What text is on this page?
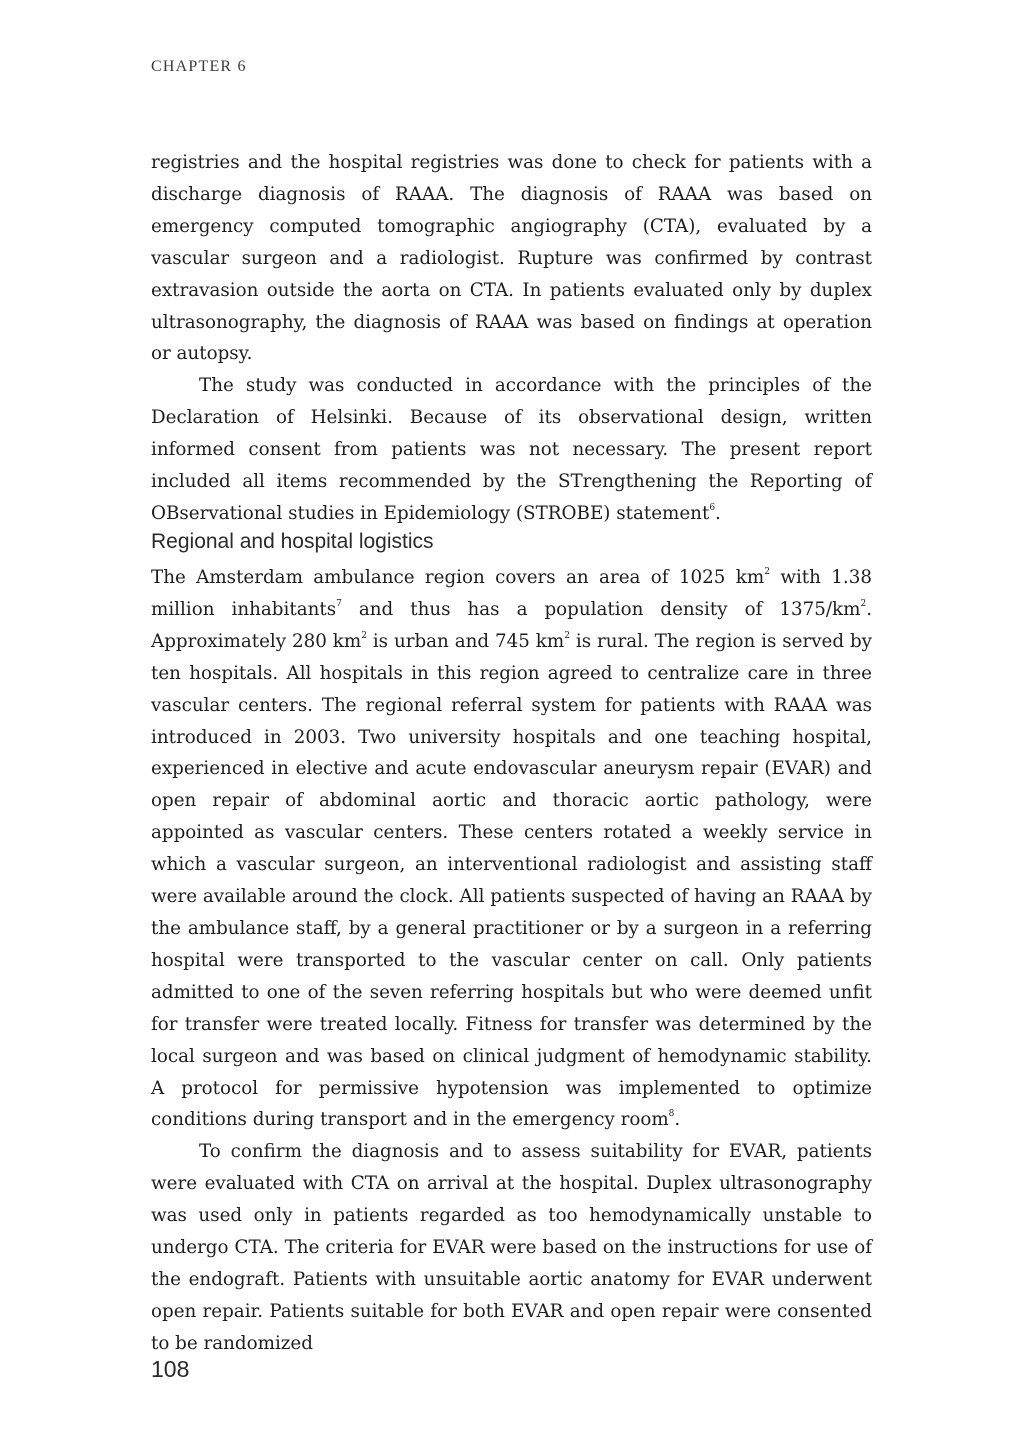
CHAPTER 6

registries and the hospital registries was done to check for patients with a discharge diagnosis of RAAA. The diagnosis of RAAA was based on emergency computed tomographic angiography (CTA), evaluated by a vascular surgeon and a radiologist. Rupture was confirmed by contrast extravasion outside the aorta on CTA. In patients evaluated only by duplex ultrasonography, the diagnosis of RAAA was based on findings at operation or autopsy.

The study was conducted in accordance with the principles of the Declaration of Helsinki. Because of its observational design, written informed consent from patients was not necessary. The present report included all items recommended by the STrengthening the Reporting of OBservational studies in Epidemiology (STROBE) statement$^6$.

Regional and hospital logistics

The Amsterdam ambulance region covers an area of 1025 $km^2$ with 1.38 million inhabitants$^7$ and thus has a population density of $1375/km^2$. Approximately 280 $km^2$ is urban and 745 $km^2$ is rural. The region is served by ten hospitals. All hospitals in this region agreed to centralize care in three vascular centers. The regional referral system for patients with RAAA was introduced in 2003. Two university hospitals and one teaching hospital, experienced in elective and acute endovascular aneurysm repair (EVAR) and open repair of abdominal aortic and thoracic aortic pathology, were appointed as vascular centers. These centers rotated a weekly service in which a vascular surgeon, an interventional radiologist and assisting staff were available around the clock. All patients suspected of having an RAAA by the ambulance staff, by a general practitioner or by a surgeon in a referring hospital were transported to the vascular center on call. Only patients admitted to one of the seven referring hospitals but who were deemed unfit for transfer were treated locally. Fitness for transfer was determined by the local surgeon and was based on clinical judgment of hemodynamic stability. A protocol for permissive hypotension was implemented to optimize conditions during transport and in the emergency room$^8$.

To confirm the diagnosis and to assess suitability for EVAR, patients were evaluated with CTA on arrival at the hospital. Duplex ultrasonography was used only in patients regarded as too hemodynamically unstable to undergo CTA. The criteria for EVAR were based on the instructions for use of the endograft. Patients with unsuitable aortic anatomy for EVAR underwent open repair. Patients suitable for both EVAR and open repair were consented to be randomized

108
